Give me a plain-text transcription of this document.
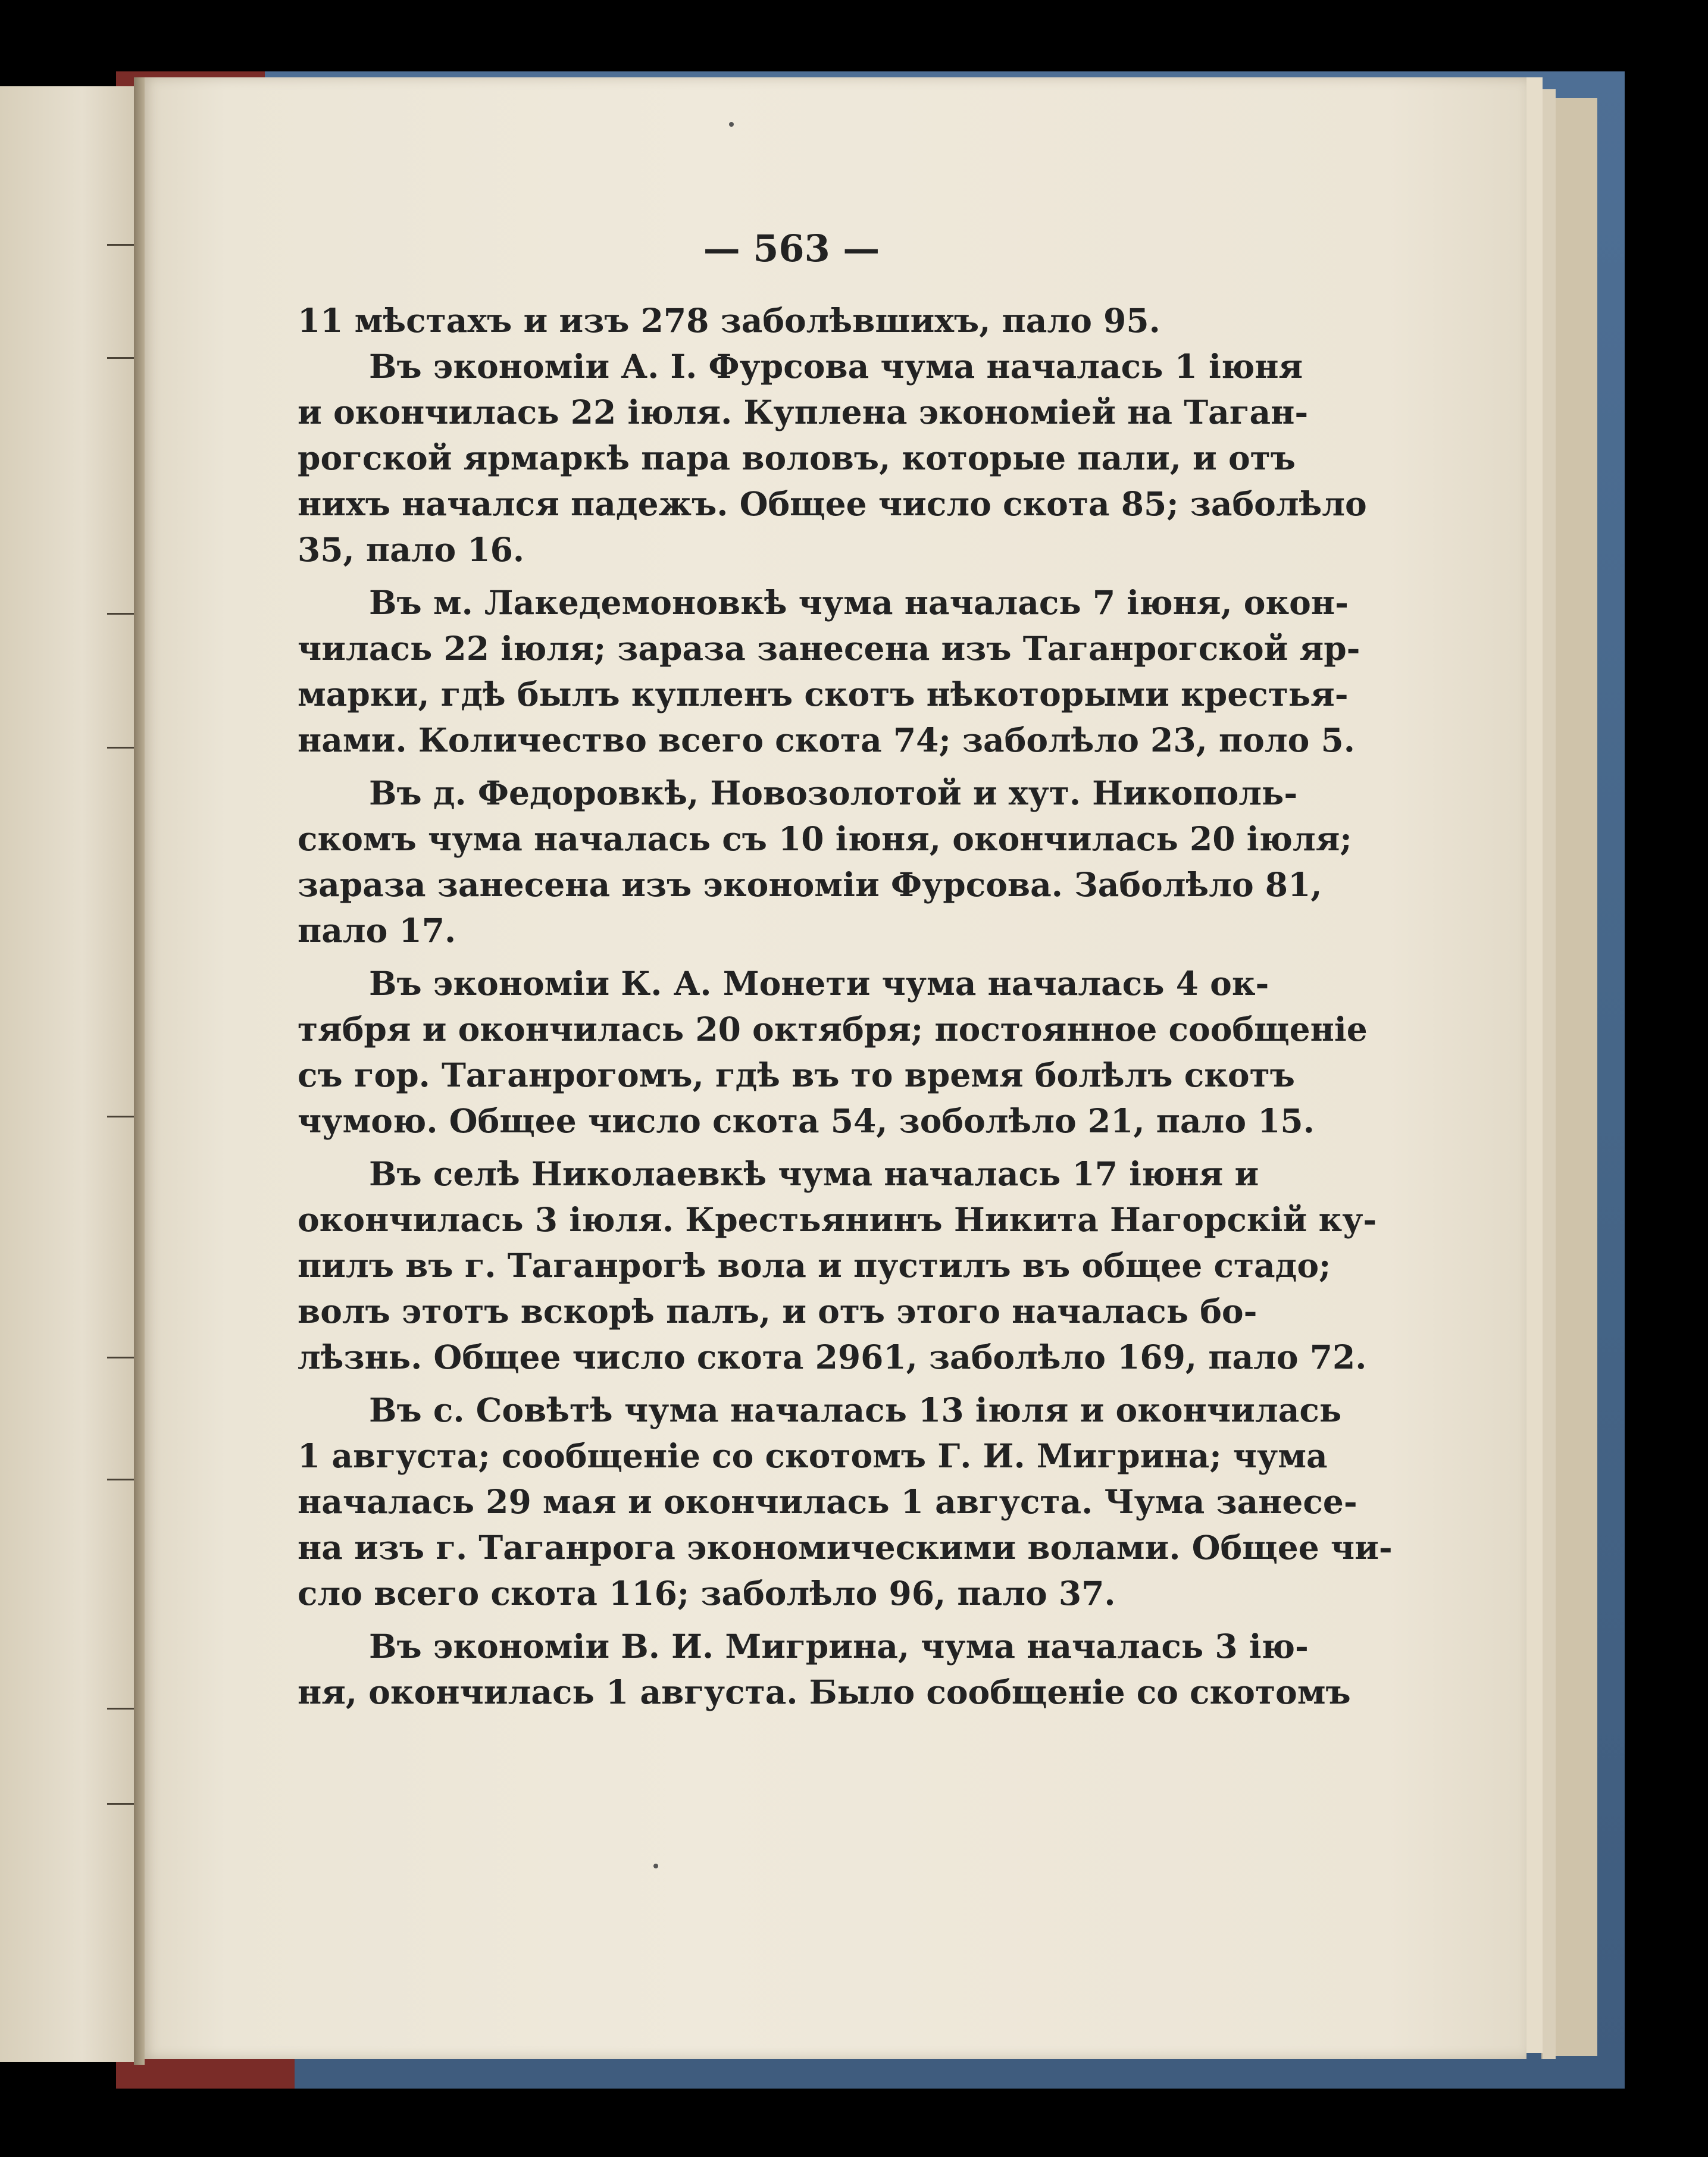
— 563 —
11 мѣстахъ и изъ 278 заболѣвшихъ, пало 95.
Въ экономіи А. І. Фурсова чума началась 1 іюня
и окончилась 22 іюля. Куплена экономіей на Таган-
рогской ярмаркѣ пара воловъ, которые пали, и отъ
нихъ начался падежъ. Общее число скота 85; заболѣло
35, пало 16.
Въ м. Лакедемоновкѣ чума началась 7 іюня, окон-
чилась 22 іюля; зараза занесена изъ Таганрогской яр-
марки, гдѣ былъ купленъ скотъ нѣкоторыми крестья-
нами. Количество всего скота 74; заболѣло 23, поло 5.
Въ д. Федоровкѣ, Новозолотой и хут. Никополь-
скомъ чума началась съ 10 іюня, окончилась 20 іюля;
зараза занесена изъ экономіи Фурсова. Заболѣло 81,
пало 17.
Въ экономіи К. А. Монети чума началась 4 ок-
тября и окончилась 20 октября; постоянное сообщеніе
съ гор. Таганрогомъ, гдѣ въ то время болѣлъ скотъ
чумою. Общее число скота 54, зоболѣло 21, пало 15.
Въ селѣ Николаевкѣ чума началась 17 іюня и
окончилась 3 іюля. Крестьянинъ Никита Нагорскій ку-
пилъ въ г. Таганрогѣ вола и пустилъ въ общее стадо;
волъ этотъ вскорѣ палъ, и отъ этого началась бо-
лѣзнь. Общее число скота 2961, заболѣло 169, пало 72.
Въ с. Совѣтѣ чума началась 13 іюля и окончилась
1 августа; сообщеніе со скотомъ Г. И. Мигрина; чума
началась 29 мая и окончилась 1 августа. Чума занесе-
на изъ г. Таганрога экономическими волами. Общее чи-
сло всего скота 116; заболѣло 96, пало 37.
Въ экономіи В. И. Мигрина, чума началась 3 ію-
ня, окончилась 1 августа. Было сообщеніе со скотомъ
